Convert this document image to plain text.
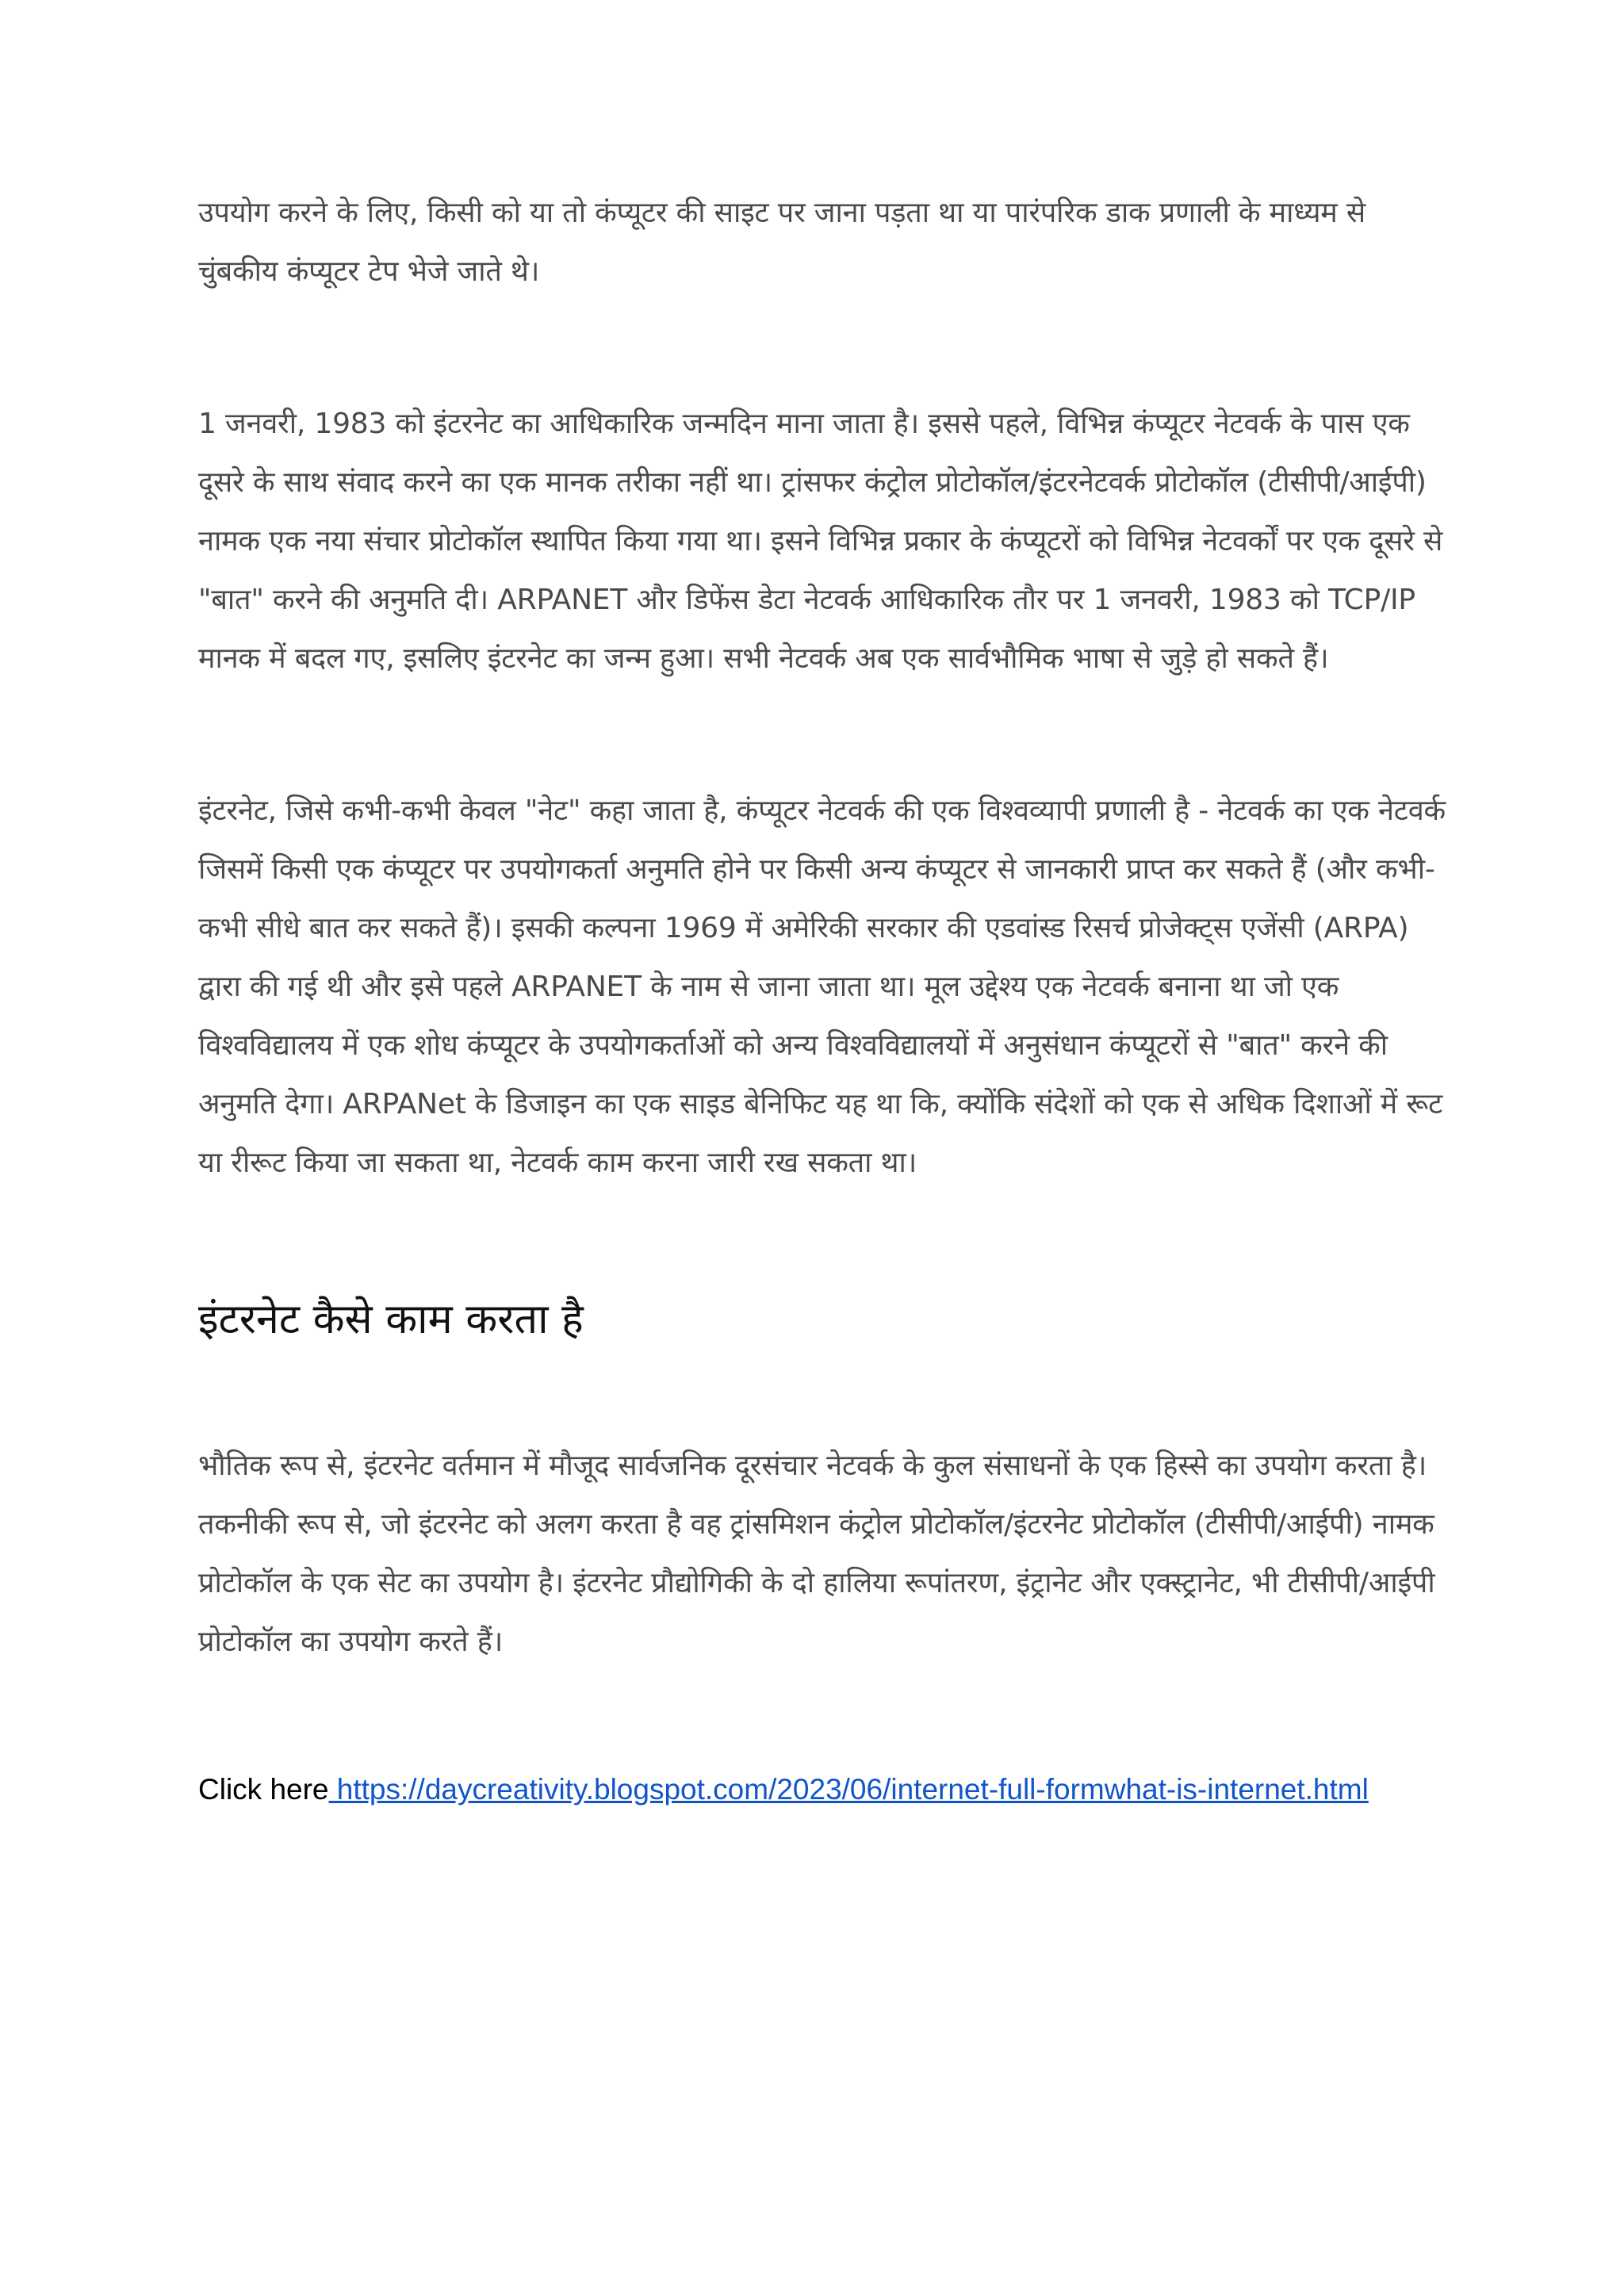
उपयोग करने के लिए, किसी को या तो कंप्यूटर की साइट पर जाना पड़ता था या पारंपरिक डाक प्रणाली के माध्यम से चुंबकीय कंप्यूटर टेप भेजे जाते थे।

1 जनवरी, 1983 को इंटरनेट का आधिकारिक जन्मदिन माना जाता है। इससे पहले, विभिन्न कंप्यूटर नेटवर्क के पास एक दूसरे के साथ संवाद करने का एक मानक तरीका नहीं था। ट्रांसफर कंट्रोल प्रोटोकॉल/इंटरनेटवर्क प्रोटोकॉल (टीसीपी/आईपी) नामक एक नया संचार प्रोटोकॉल स्थापित किया गया था। इसने विभिन्न प्रकार के कंप्यूटरों को विभिन्न नेटवर्कों पर एक दूसरे से "बात" करने की अनुमति दी। ARPANET और डिफेंस डेटा नेटवर्क आधिकारिक तौर पर 1 जनवरी, 1983 को TCP/IP मानक में बदल गए, इसलिए इंटरनेट का जन्म हुआ। सभी नेटवर्क अब एक सार्वभौमिक भाषा से जुड़े हो सकते हैं।

इंटरनेट, जिसे कभी-कभी केवल "नेट" कहा जाता है, कंप्यूटर नेटवर्क की एक विश्वव्यापी प्रणाली है - नेटवर्क का एक नेटवर्क जिसमें किसी एक कंप्यूटर पर उपयोगकर्ता अनुमति होने पर किसी अन्य कंप्यूटर से जानकारी प्राप्त कर सकते हैं (और कभी-कभी सीधे बात कर सकते हैं)। इसकी कल्पना 1969 में अमेरिकी सरकार की एडवांस्ड रिसर्च प्रोजेक्ट्स एजेंसी (ARPA) द्वारा की गई थी और इसे पहले ARPANET के नाम से जाना जाता था। मूल उद्देश्य एक नेटवर्क बनाना था जो एक विश्वविद्यालय में एक शोध कंप्यूटर के उपयोगकर्ताओं को अन्य विश्वविद्यालयों में अनुसंधान कंप्यूटरों से "बात" करने की अनुमति देगा। ARPANet के डिजाइन का एक साइड बेनिफिट यह था कि, क्योंकि संदेशों को एक से अधिक दिशाओं में रूट या रीरूट किया जा सकता था, नेटवर्क काम करना जारी रख सकता था।

इंटरनेट कैसे काम करता है

भौतिक रूप से, इंटरनेट वर्तमान में मौजूद सार्वजनिक दूरसंचार नेटवर्क के कुल संसाधनों के एक हिस्से का उपयोग करता है। तकनीकी रूप से, जो इंटरनेट को अलग करता है वह ट्रांसमिशन कंट्रोल प्रोटोकॉल/इंटरनेट प्रोटोकॉल (टीसीपी/आईपी) नामक प्रोटोकॉल के एक सेट का उपयोग है। इंटरनेट प्रौद्योगिकी के दो हालिया रूपांतरण, इंट्रानेट और एक्स्ट्रानेट, भी टीसीपी/आईपी प्रोटोकॉल का उपयोग करते हैं।

Click here https://daycreativity.blogspot.com/2023/06/internet-full-formwhat-is-internet.html
